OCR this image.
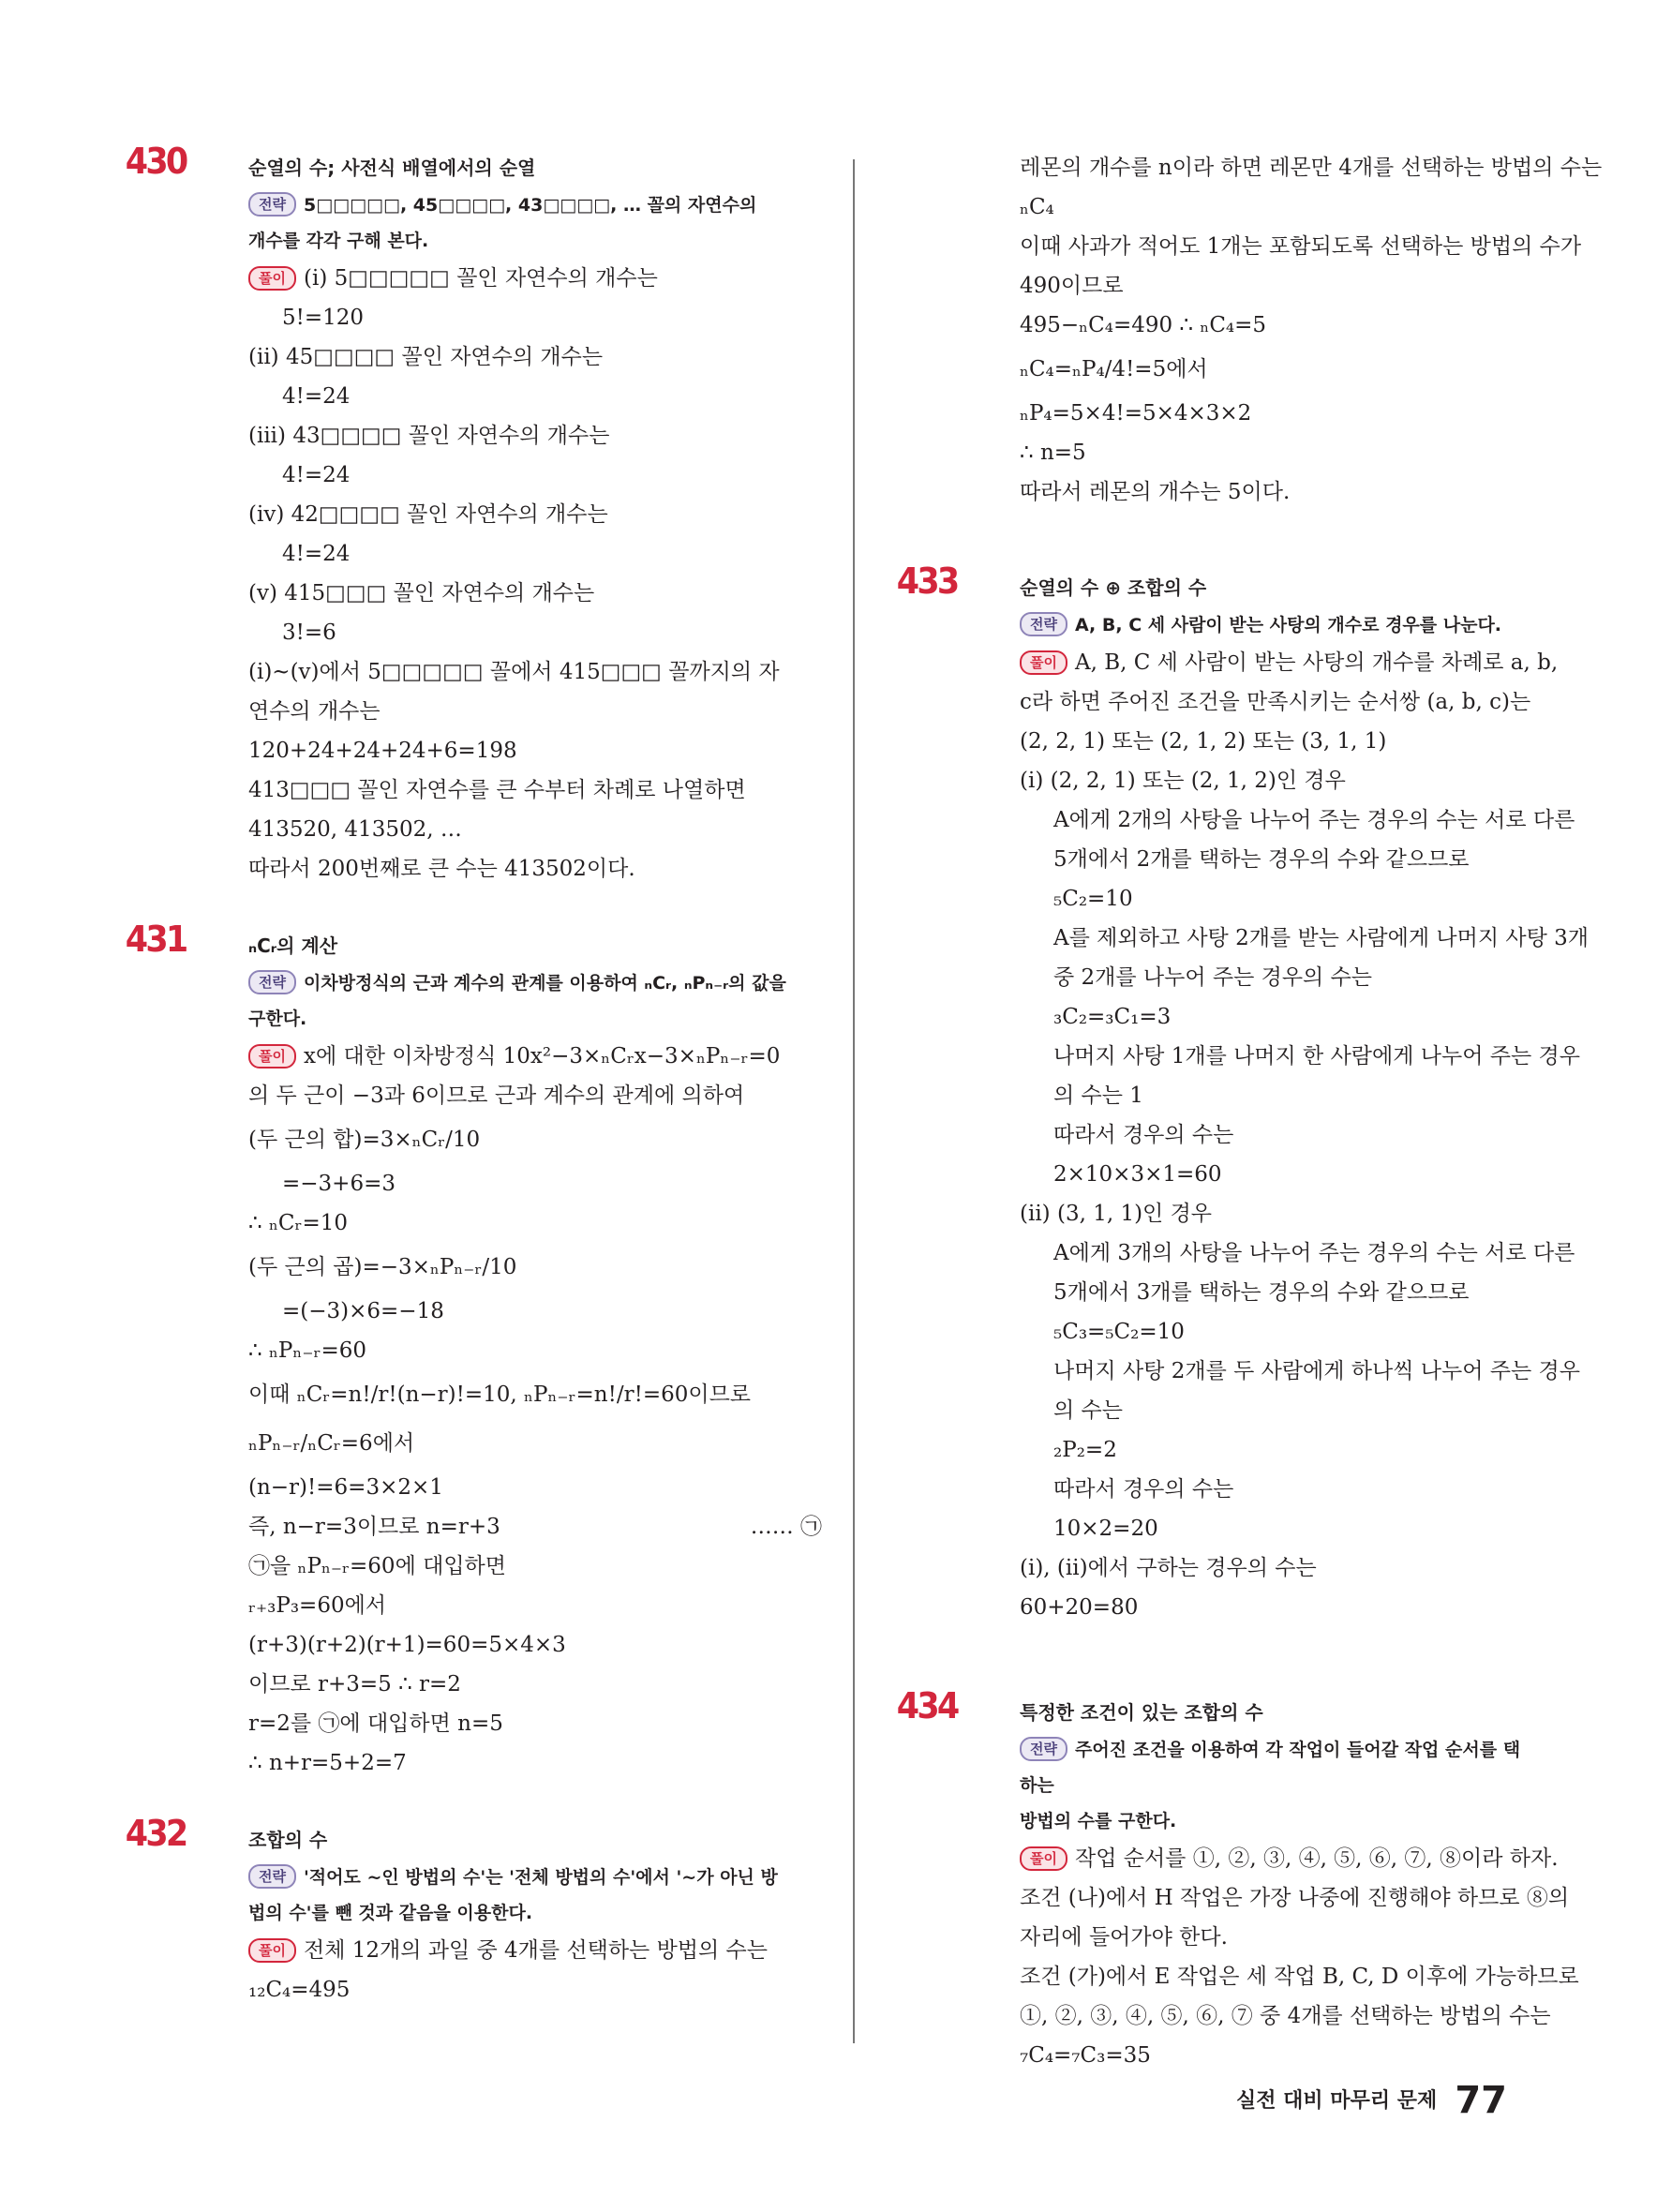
430	순열의 수; 사전식 배열에서의 순열
전략 5□□□□□, 45□□□□, 43□□□□, … 꼴의 자연수의
개수를 각각 구해 본다.
풀이 (i) 5□□□□□ 꼴인 자연수의 개수는
5!=120
(ii) 45□□□□ 꼴인 자연수의 개수는
4!=24
(iii) 43□□□□ 꼴인 자연수의 개수는
4!=24
(iv) 42□□□□ 꼴인 자연수의 개수는
4!=24
(v) 415□□□ 꼴인 자연수의 개수는
3!=6
(i)~(v)에서 5□□□□□ 꼴에서 415□□□ 꼴까지의 자
연수의 개수는
120+24+24+24+6=198
413□□□ 꼴인 자연수를 큰 수부터 차례로 나열하면
413520, 413502, …
따라서 200번째로 큰 수는 413502이다.
431	ₙCᵣ의 계산
전략 이차방정식의 근과 계수의 관계를 이용하여 ₙCᵣ, ₙPₙ₋ᵣ의 값을
구한다.
풀이 x에 대한 이차방정식 10x²−3×ₙCᵣx−3×ₙPₙ₋ᵣ=0
의 두 근이 −3과 6이므로 근과 계수의 관계에 의하여
(두 근의 합)=3×ₙCᵣ/10
=−3+6=3
∴ ₙCᵣ=10
(두 근의 곱)=−3×ₙPₙ₋ᵣ/10
=(−3)×6=−18
∴ ₙPₙ₋ᵣ=60
이때 ₙCᵣ=n!/r!(n−r)!=10, ₙPₙ₋ᵣ=n!/r!=60이므로
ₙPₙ₋ᵣ/ₙCᵣ=6에서
(n−r)!=6=3×2×1
즉, n−r=3이므로 n=r+3	…… ㉠
㉠을 ₙPₙ₋ᵣ=60에 대입하면
ᵣ₊₃P₃=60에서
(r+3)(r+2)(r+1)=60=5×4×3
이므로 r+3=5 ∴ r=2
r=2를 ㉠에 대입하면 n=5
∴ n+r=5+2=7
432	조합의 수
전략 '적어도 ~인 방법의 수'는 '전체 방법의 수'에서 '~가 아닌 방
법의 수'를 뺀 것과 같음을 이용한다.
풀이 전체 12개의 과일 중 4개를 선택하는 방법의 수는
₁₂C₄=495
레몬의 개수를 n이라 하면 레몬만 4개를 선택하는 방법의 수는
ₙC₄
이때 사과가 적어도 1개는 포함되도록 선택하는 방법의 수가
490이므로
495−ₙC₄=490 ∴ ₙC₄=5
ₙC₄=ₙP₄/4!=5에서
ₙP₄=5×4!=5×4×3×2
∴ n=5
따라서 레몬의 개수는 5이다.
433	순열의 수 ⊕ 조합의 수
전략 A, B, C 세 사람이 받는 사탕의 개수로 경우를 나눈다.
풀이 A, B, C 세 사람이 받는 사탕의 개수를 차례로 a, b,
c라 하면 주어진 조건을 만족시키는 순서쌍 (a, b, c)는
(2, 2, 1) 또는 (2, 1, 2) 또는 (3, 1, 1)
(i) (2, 2, 1) 또는 (2, 1, 2)인 경우
A에게 2개의 사탕을 나누어 주는 경우의 수는 서로 다른
5개에서 2개를 택하는 경우의 수와 같으므로
₅C₂=10
A를 제외하고 사탕 2개를 받는 사람에게 나머지 사탕 3개
중 2개를 나누어 주는 경우의 수는
₃C₂=₃C₁=3
나머지 사탕 1개를 나머지 한 사람에게 나누어 주는 경우
의 수는 1
따라서 경우의 수는
2×10×3×1=60
(ii) (3, 1, 1)인 경우
A에게 3개의 사탕을 나누어 주는 경우의 수는 서로 다른
5개에서 3개를 택하는 경우의 수와 같으므로
₅C₃=₅C₂=10
나머지 사탕 2개를 두 사람에게 하나씩 나누어 주는 경우
의 수는
₂P₂=2
따라서 경우의 수는
10×2=20
(i), (ii)에서 구하는 경우의 수는
60+20=80
434	특정한 조건이 있는 조합의 수
전략 주어진 조건을 이용하여 각 작업이 들어갈 작업 순서를 택하는
방법의 수를 구한다.
풀이 작업 순서를 ①, ②, ③, ④, ⑤, ⑥, ⑦, ⑧이라 하자.
조건 (나)에서 H 작업은 가장 나중에 진행해야 하므로 ⑧의
자리에 들어가야 한다.
조건 (가)에서 E 작업은 세 작업 B, C, D 이후에 가능하므로
①, ②, ③, ④, ⑤, ⑥, ⑦ 중 4개를 선택하는 방법의 수는
₇C₄=₇C₃=35
실전 대비 마무리 문제 77
